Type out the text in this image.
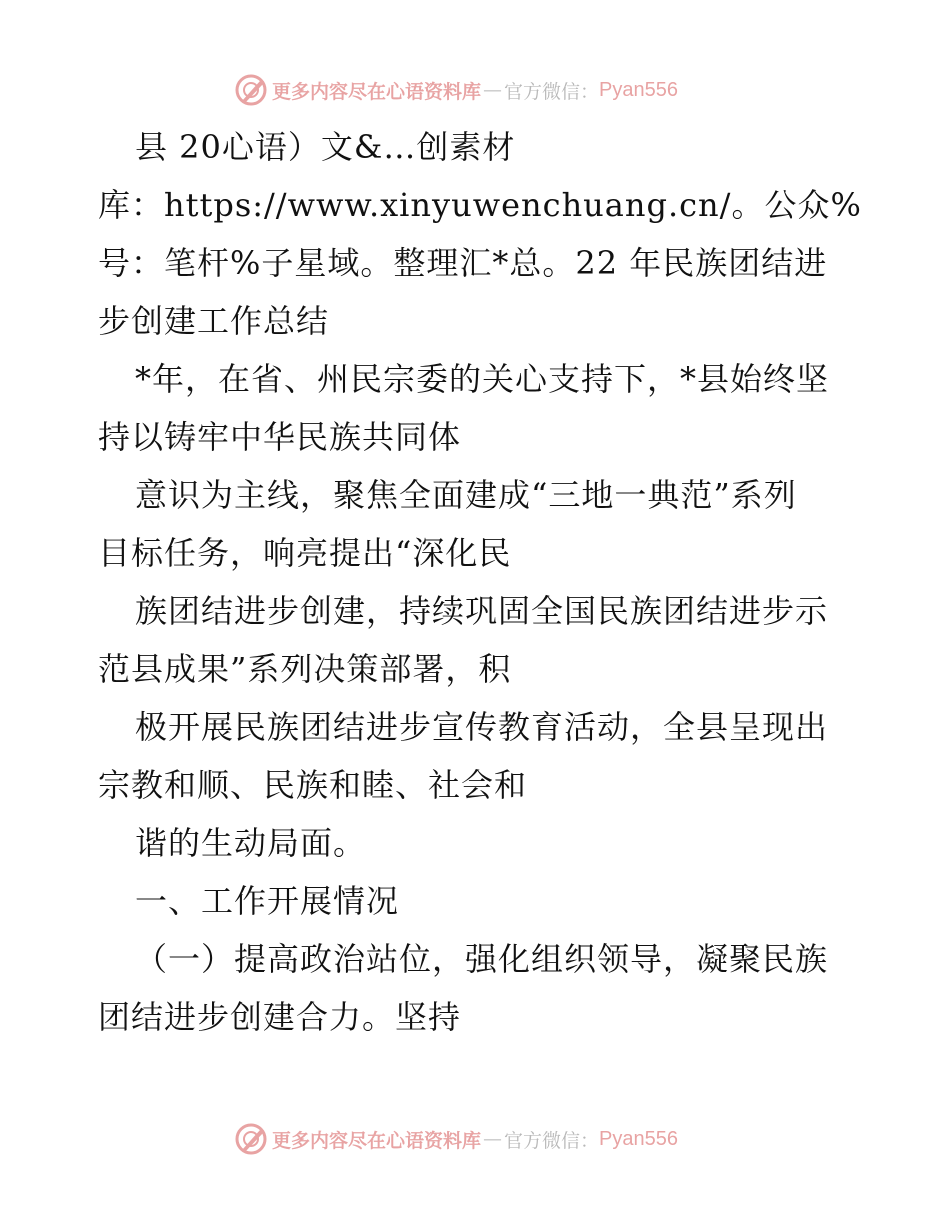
更多内容尽在心语资料库 — 官方微信： Pyan556
县 20心语）文&…创素材
库：https://www.xinyuwenchuang.cn/。公众%
号：笔杆%子星域。整理汇*总。22 年民族团结进
步创建工作总结
*年，在省、州民宗委的关心支持下，*县始终坚
持以铸牢中华民族共同体
意识为主线，聚焦全面建成“三地一典范”系列
目标任务，响亮提出“深化民
族团结进步创建，持续巩固全国民族团结进步示
范县成果”系列决策部署，积
极开展民族团结进步宣传教育活动，全县呈现出
宗教和顺、民族和睦、社会和
谐的生动局面。
一、工作开展情况
（一）提高政治站位，强化组织领导，凝聚民族
团结进步创建合力。坚持
更多内容尽在心语资料库 — 官方微信： Pyan556
